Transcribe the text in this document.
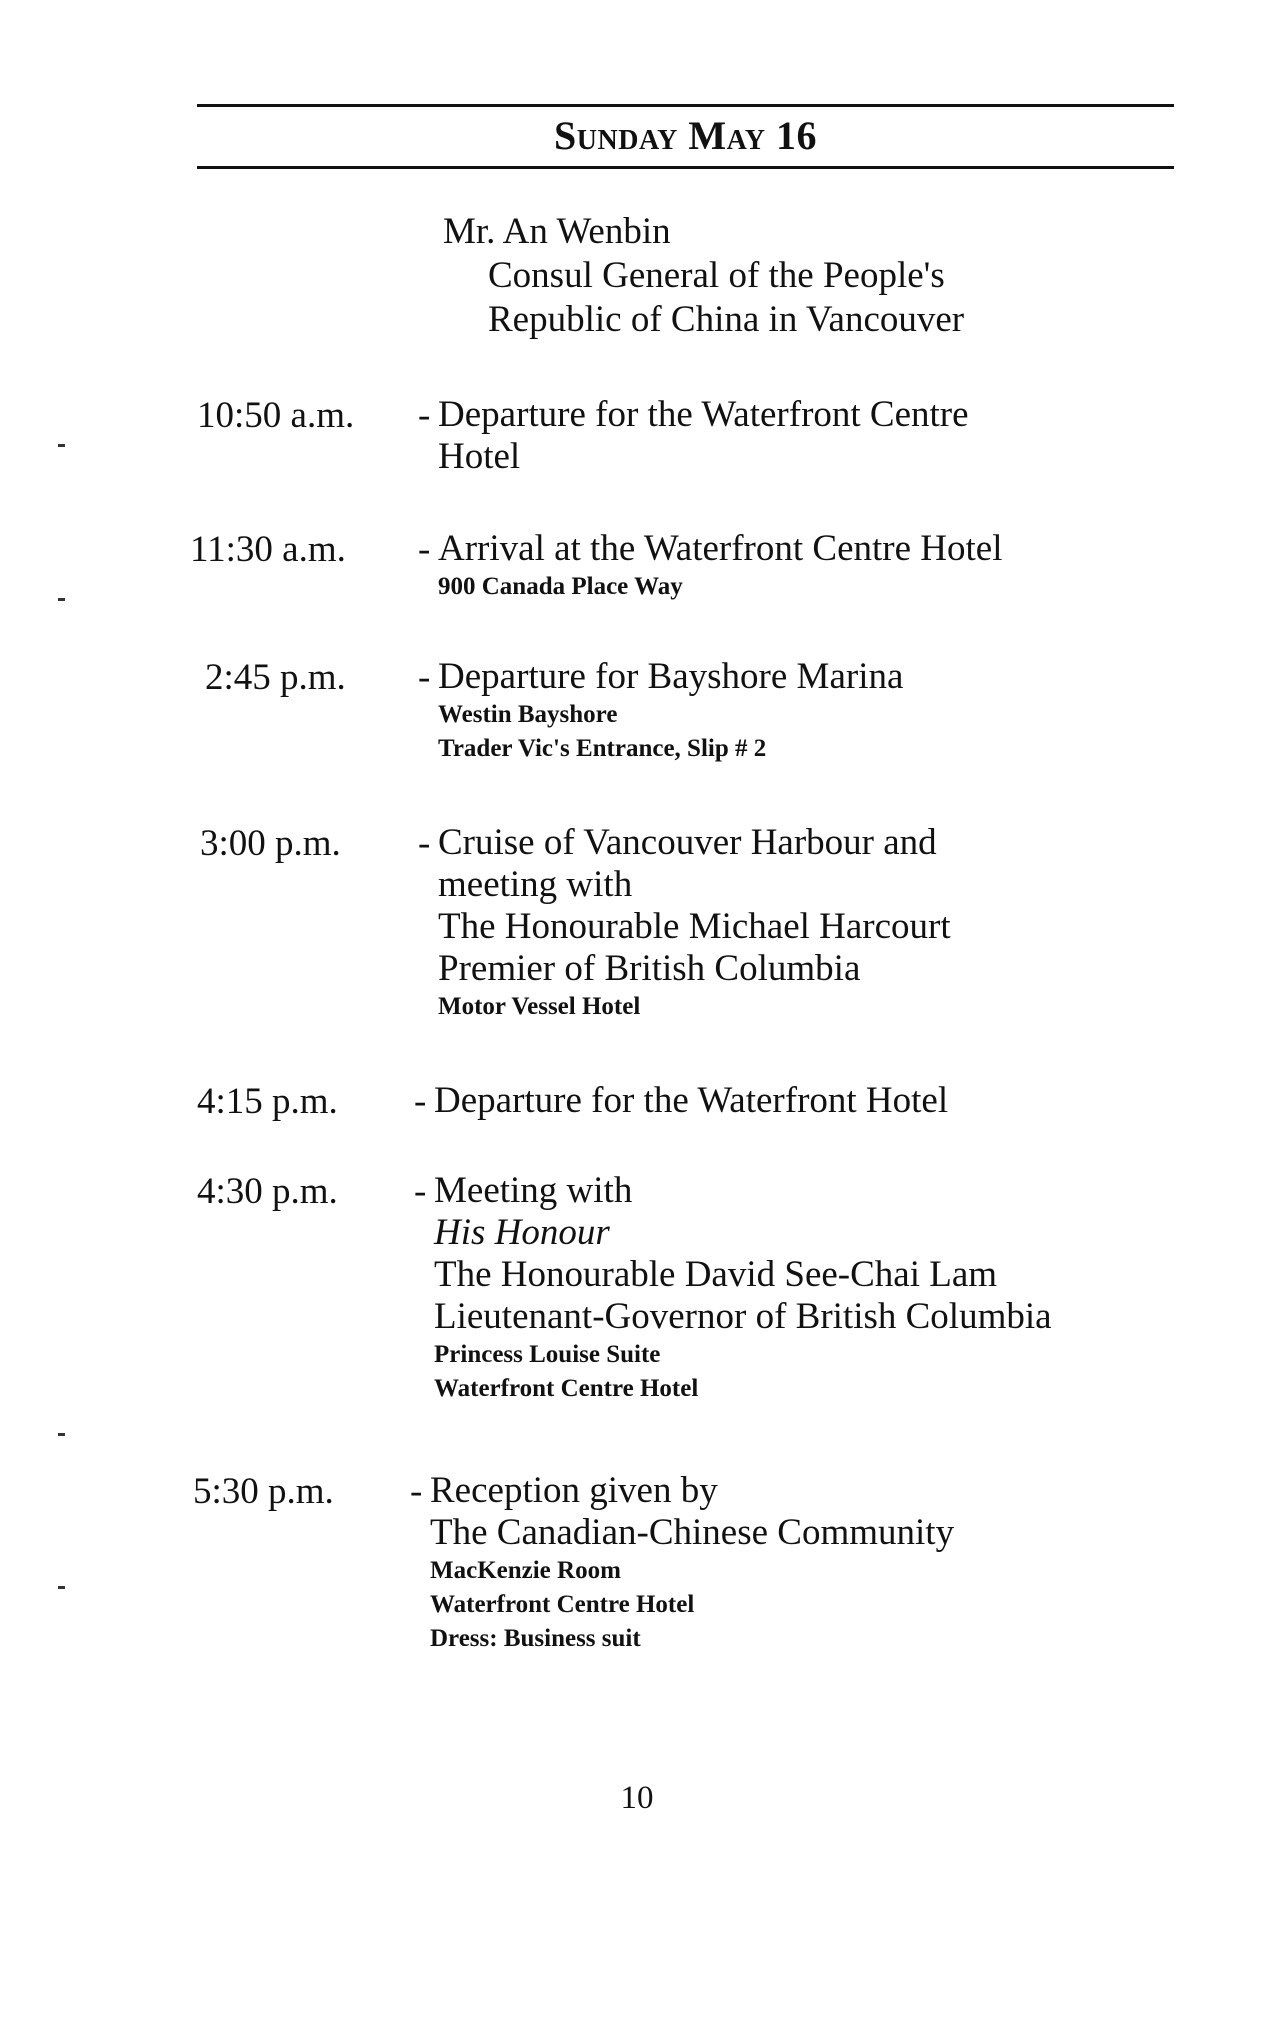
Sunday May 16
Mr. An Wenbin
Consul General of the People's
Republic of China in Vancouver
10:50 a.m. - Departure for the Waterfront Centre
Hotel
11:30 a.m. - Arrival at the Waterfront Centre Hotel
900 Canada Place Way
2:45 p.m. - Departure for Bayshore Marina
Westin Bayshore
Trader Vic's Entrance, Slip # 2
3:00 p.m. - Cruise of Vancouver Harbour and
meeting with
The Honourable Michael Harcourt
Premier of British Columbia
Motor Vessel Hotel
4:15 p.m. - Departure for the Waterfront Hotel
4:30 p.m. - Meeting with
His Honour
The Honourable David See-Chai Lam
Lieutenant-Governor of British Columbia
Princess Louise Suite
Waterfront Centre Hotel
5:30 p.m. - Reception given by
The Canadian-Chinese Community
MacKenzie Room
Waterfront Centre Hotel
Dress: Business suit
10
